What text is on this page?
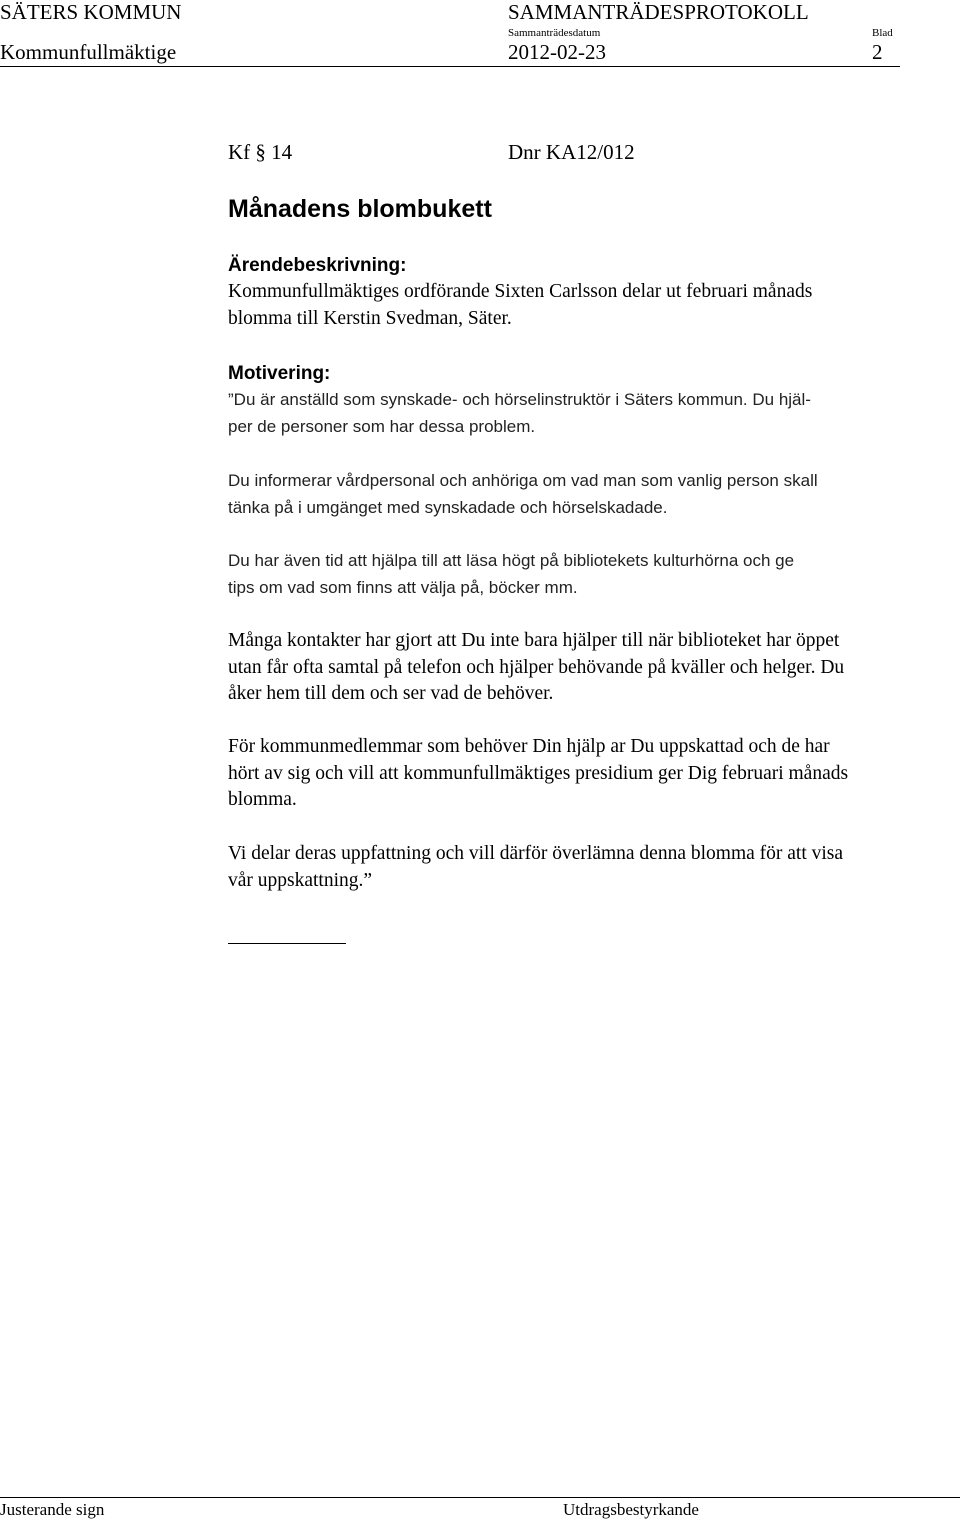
SÄTERS KOMMUN	SAMMANTRÄDESPROTOKOLL
Sammanträdesdatum	Blad
Kommunfullmäktige	2012-02-23	2
Kf § 14	Dnr KA12/012
Månadens blombukett
Ärendebeskrivning:
Kommunfullmäktiges ordförande Sixten Carlsson delar ut februari månads
blomma till Kerstin Svedman, Säter.
Motivering:
”Du är anställd som synskade- och hörselinstruktör i Säters kommun. Du hjäl-
per de personer som har dessa problem.
Du informerar vårdpersonal och anhöriga om vad man som vanlig person skall
tänka på i umgänget med synskadade och hörselskadade.
Du har även tid att hjälpa till att läsa högt på bibliotekets kulturhörna och ge
tips om vad som finns att välja på, böcker mm.
Många kontakter har gjort att Du inte bara hjälper till när biblioteket har öppet
utan får ofta samtal på telefon och hjälper behövande på kväller och helger. Du
åker hem till dem och ser vad de behöver.
För kommunmedlemmar som behöver Din hjälp ar Du uppskattad och de har
hört av sig och vill att kommunfullmäktiges presidium ger Dig februari månads
blomma.
Vi delar deras uppfattning och vill därför överlämna denna blomma för att visa
vår uppskattning.”
Justerande sign	Utdragsbestyrkande
